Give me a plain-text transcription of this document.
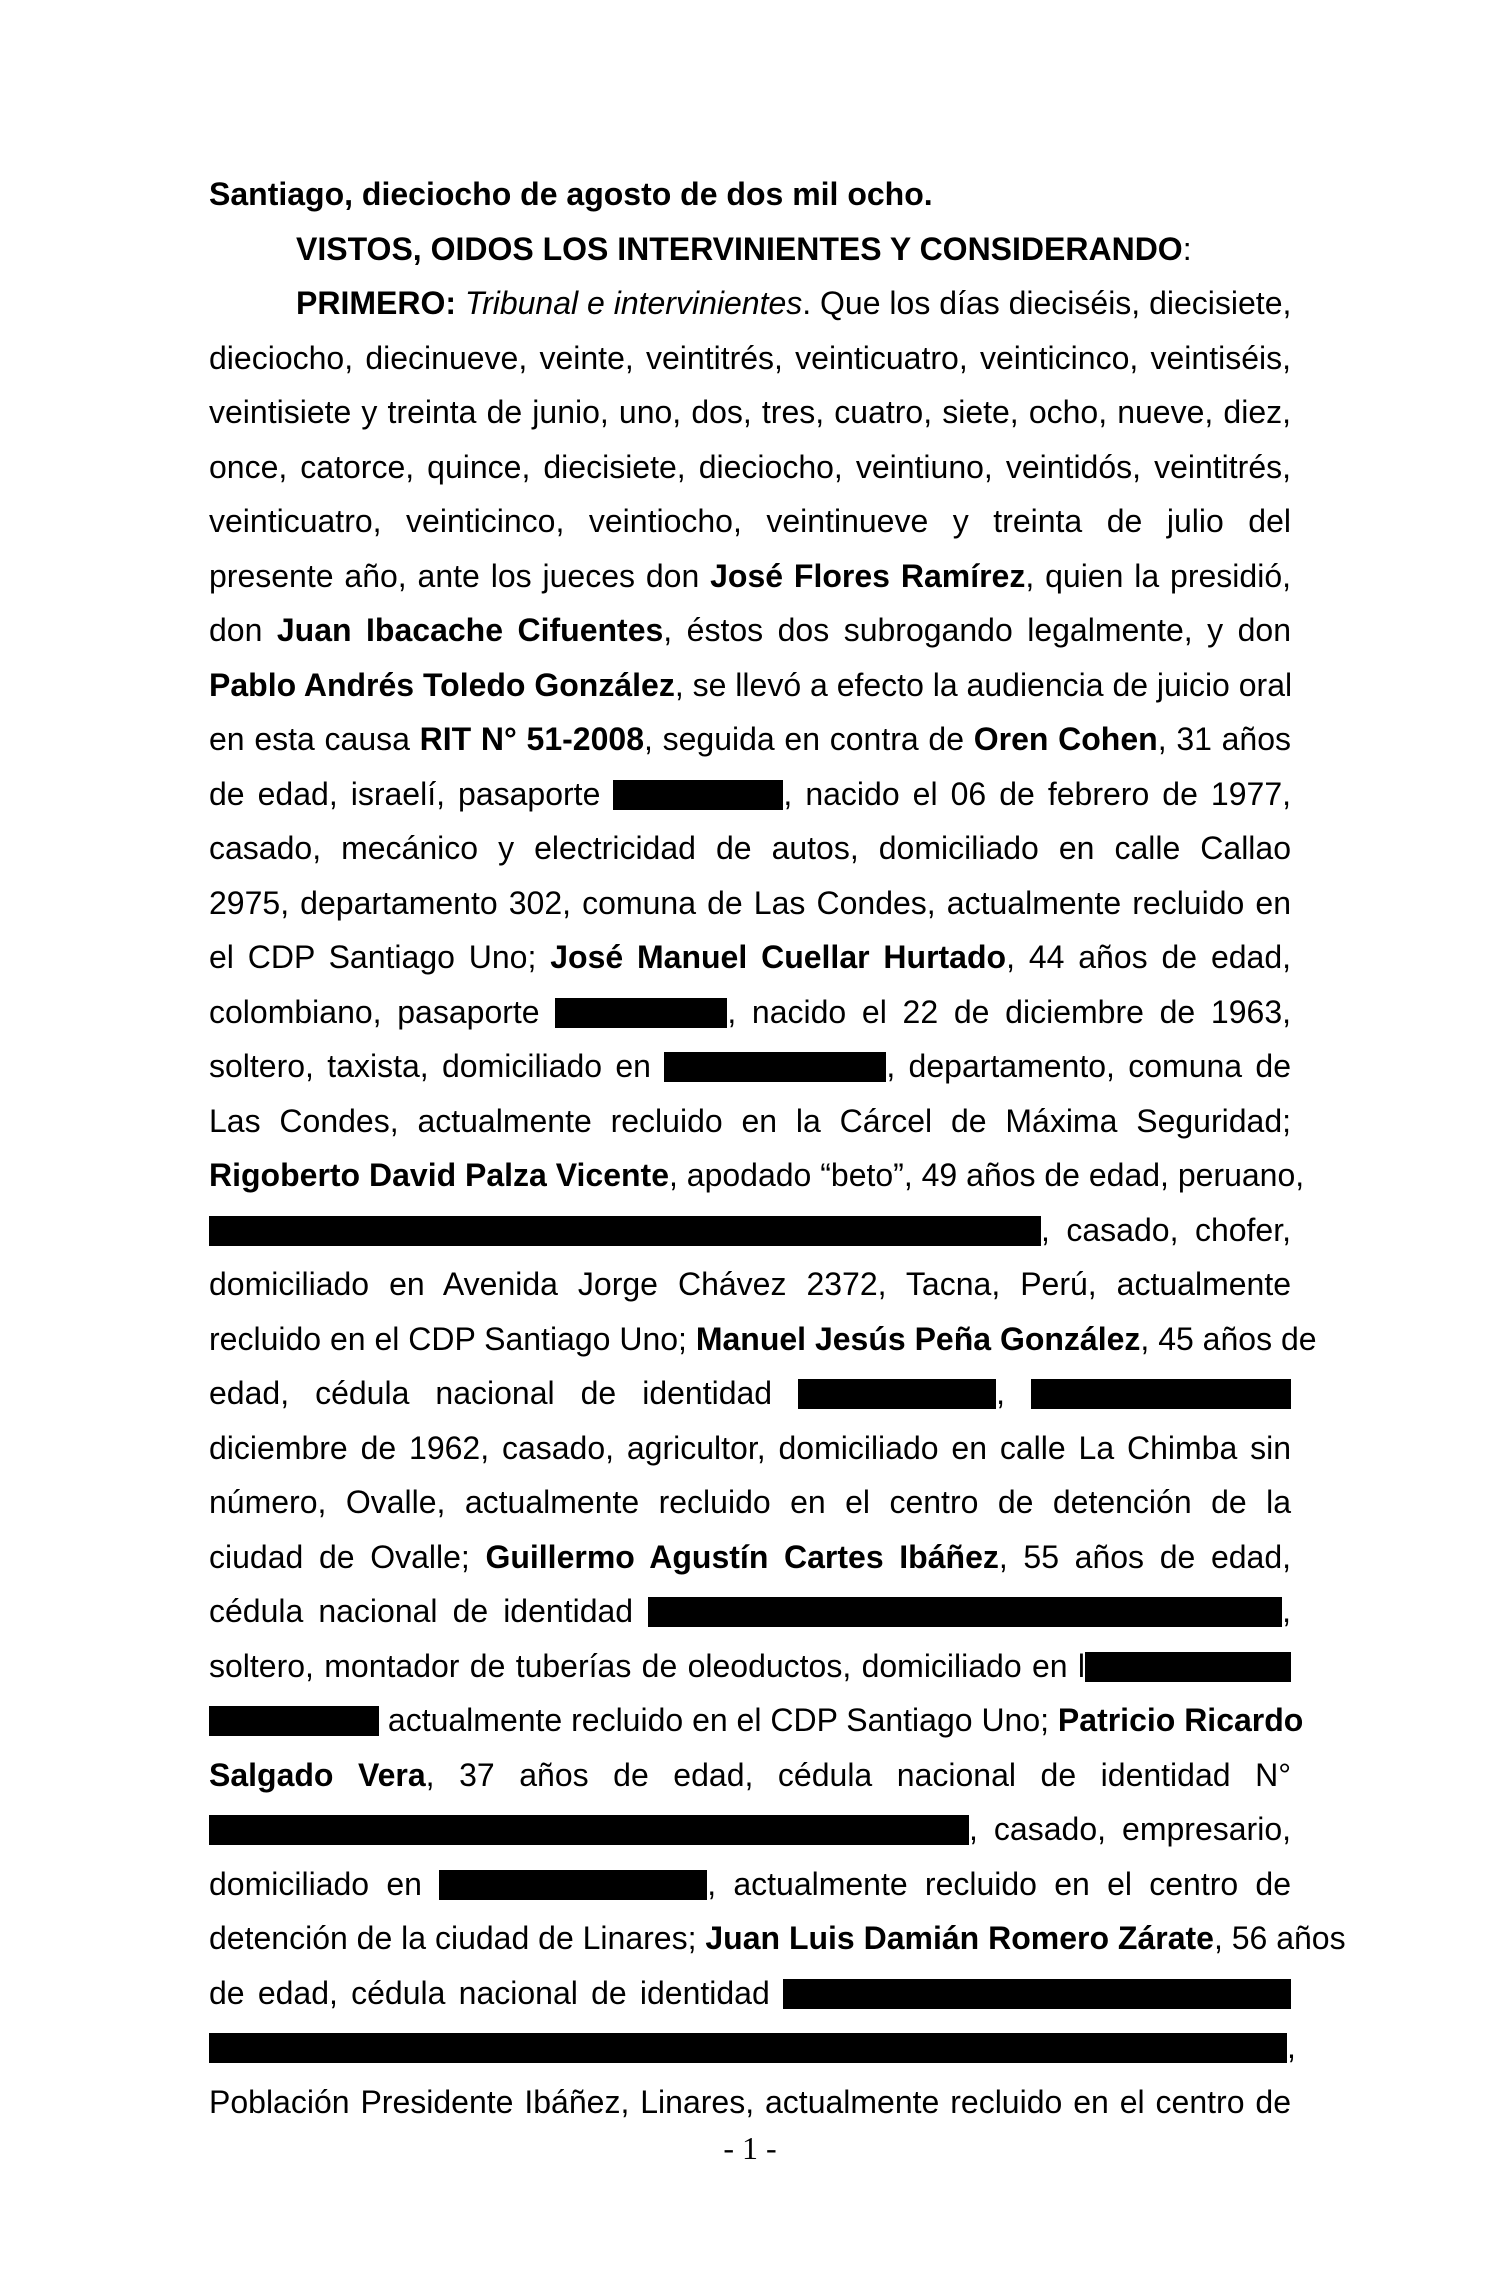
Santiago, dieciocho de agosto de dos mil ocho.

VISTOS, OIDOS LOS INTERVINIENTES Y CONSIDERANDO:

PRIMERO: Tribunal e intervinientes. Que los días dieciséis, diecisiete,

dieciocho, diecinueve, veinte, veintitrés, veinticuatro, veinticinco, veintiséis,

veintisiete y treinta de junio, uno, dos, tres, cuatro, siete, ocho, nueve, diez,

once, catorce, quince, diecisiete, dieciocho, veintiuno, veintidós, veintitrés,

veinticuatro, veinticinco, veintiocho, veintinueve y treinta de julio del

presente año, ante los jueces don José Flores Ramírez, quien la presidió,

don Juan Ibacache Cifuentes, éstos dos subrogando legalmente, y don

Pablo Andrés Toledo González, se llevó a efecto la audiencia de juicio oral

en esta causa RIT N° 51-2008, seguida en contra de Oren Cohen, 31 años

de edad, israelí, pasaporte	, nacido el 06 de febrero de 1977,

casado, mecánico y electricidad de autos, domiciliado en calle Callao

2975, departamento 302, comuna de Las Condes, actualmente recluido en

el CDP Santiago Uno; José Manuel Cuellar Hurtado, 44 años de edad,

colombiano, pasaporte	, nacido el 22 de diciembre de 1963,

soltero, taxista, domiciliado en	, departamento, comuna de

Las Condes, actualmente recluido en la Cárcel de Máxima Seguridad;

Rigoberto David Palza Vicente, apodado “beto”, 49 años de edad, peruano,

, casado, chofer,

domiciliado en Avenida Jorge Chávez 2372, Tacna, Perú, actualmente

recluido en el CDP Santiago Uno; Manuel Jesús Peña González, 45 años de

edad, cédula nacional de identidad	,

diciembre de 1962, casado, agricultor, domiciliado en calle La Chimba sin

número, Ovalle, actualmente recluido en el centro de detención de la

ciudad de Ovalle; Guillermo Agustín Cartes Ibáñez, 55 años de edad,

cédula nacional de identidad	,

soltero, montador de tuberías de oleoductos, domiciliado en l

actualmente recluido en el CDP Santiago Uno; Patricio Ricardo

Salgado Vera, 37 años de edad, cédula nacional de identidad N°

, casado, empresario,

domiciliado en	, actualmente recluido en el centro de

detención de la ciudad de Linares; Juan Luis Damián Romero Zárate, 56 años

de edad, cédula nacional de identidad

,

Población Presidente Ibáñez, Linares, actualmente recluido en el centro de

- 1 -
